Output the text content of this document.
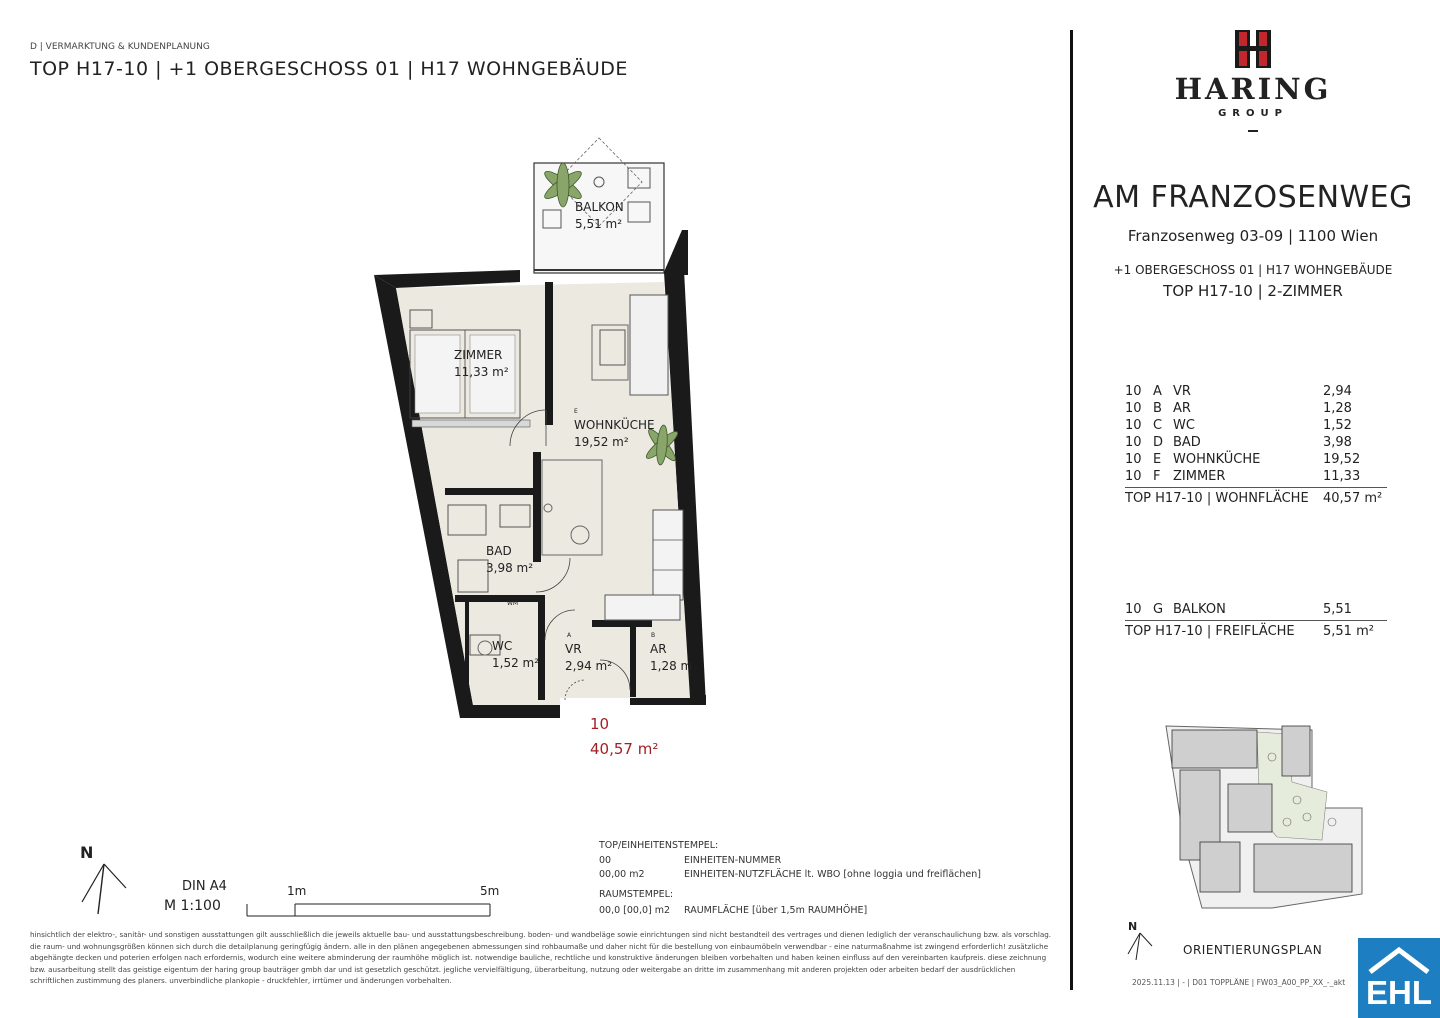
D | VERMARKTUNG & KUNDENPLANUNG
TOP H17-10 | +1 OBERGESCHOSS 01 | H17 WOHNGEBÄUDE
BALKON
5,51 m²
ZIMMER
11,33 m²
E
WOHNKÜCHE
19,52 m²
BAD
3,98 m²
WM
WC
1,52 m²
A
VR
2,94 m²
B
AR
1,28 m
10
40,57 m²
N
DIN A4
M 1:100
1m	5m
TOP/EINHEITENSTEMPEL:
00	EINHEITEN-NUMMER
00,00 m2	EINHEITEN-NUTZFLÄCHE lt. WBO [ohne loggia und freiflächen]
RAUMSTEMPEL:
00,0 [00,0] m2 RAUMFLÄCHE [über 1,5m RAUMHÖHE]
hinsichtlich der elektro-, sanitär- und sonstigen ausstattungen gilt ausschließlich die jeweils aktuelle bau- und ausstattungsbeschreibung. boden- und wandbeläge sowie einrichtungen sind nicht bestandteil des vertrages und dienen lediglich der veranschaulichung bzw. als vorschlag. die raum- und wohnungsgrößen können sich durch die detailplanung geringfügig ändern. alle in den plänen angegebenen abmessungen sind rohbaumaße und daher nicht für die bestellung von einbaumöbeln verwendbar - eine naturmaßnahme ist zwingend erforderlich! zusätzliche abgehängte decken und poterien erfolgen nach erfordernis, wodurch eine weitere abminderung der raumhöhe möglich ist. notwendige bauliche, rechtliche und konstruktive änderungen bleiben vorbehalten und haben keinen einfluss auf den vereinbarten kaufpreis. diese zeichnung bzw. ausarbeitung stellt das geistige eigentum der haring group bauträger gmbh dar und ist gesetzlich geschützt. jegliche vervielfältigung, überarbeitung, nutzung oder weitergabe an dritte im zusammenhang mit anderen projekten oder arbeiten bedarf der ausdrücklichen schriftlichen zustimmung des planers. unverbindliche plankopie - druckfehler, irrtümer und änderungen vorbehalten.
HARING
GROUP
AM FRANZOSENWEG
Franzosenweg 03-09 | 1100 Wien
+1 OBERGESCHOSS 01 | H17 WOHNGEBÄUDE
TOP H17-10 | 2-ZIMMER
10 A VR	2,94
10 B AR	1,28
10 C WC	1,52
10 D BAD	3,98
10 E WOHNKÜCHE	19,52
10 F ZIMMER	11,33
TOP H17-10 | WOHNFLÄCHE	40,57 m²
10 G BALKON	5,51
TOP H17-10 | FREIFLÄCHE	5,51 m²
N
ORIENTIERUNGSPLAN
2025.11.13 | - | D01 TOPPLÄNE | FW03_A00_PP_XX_-_akt EHL
